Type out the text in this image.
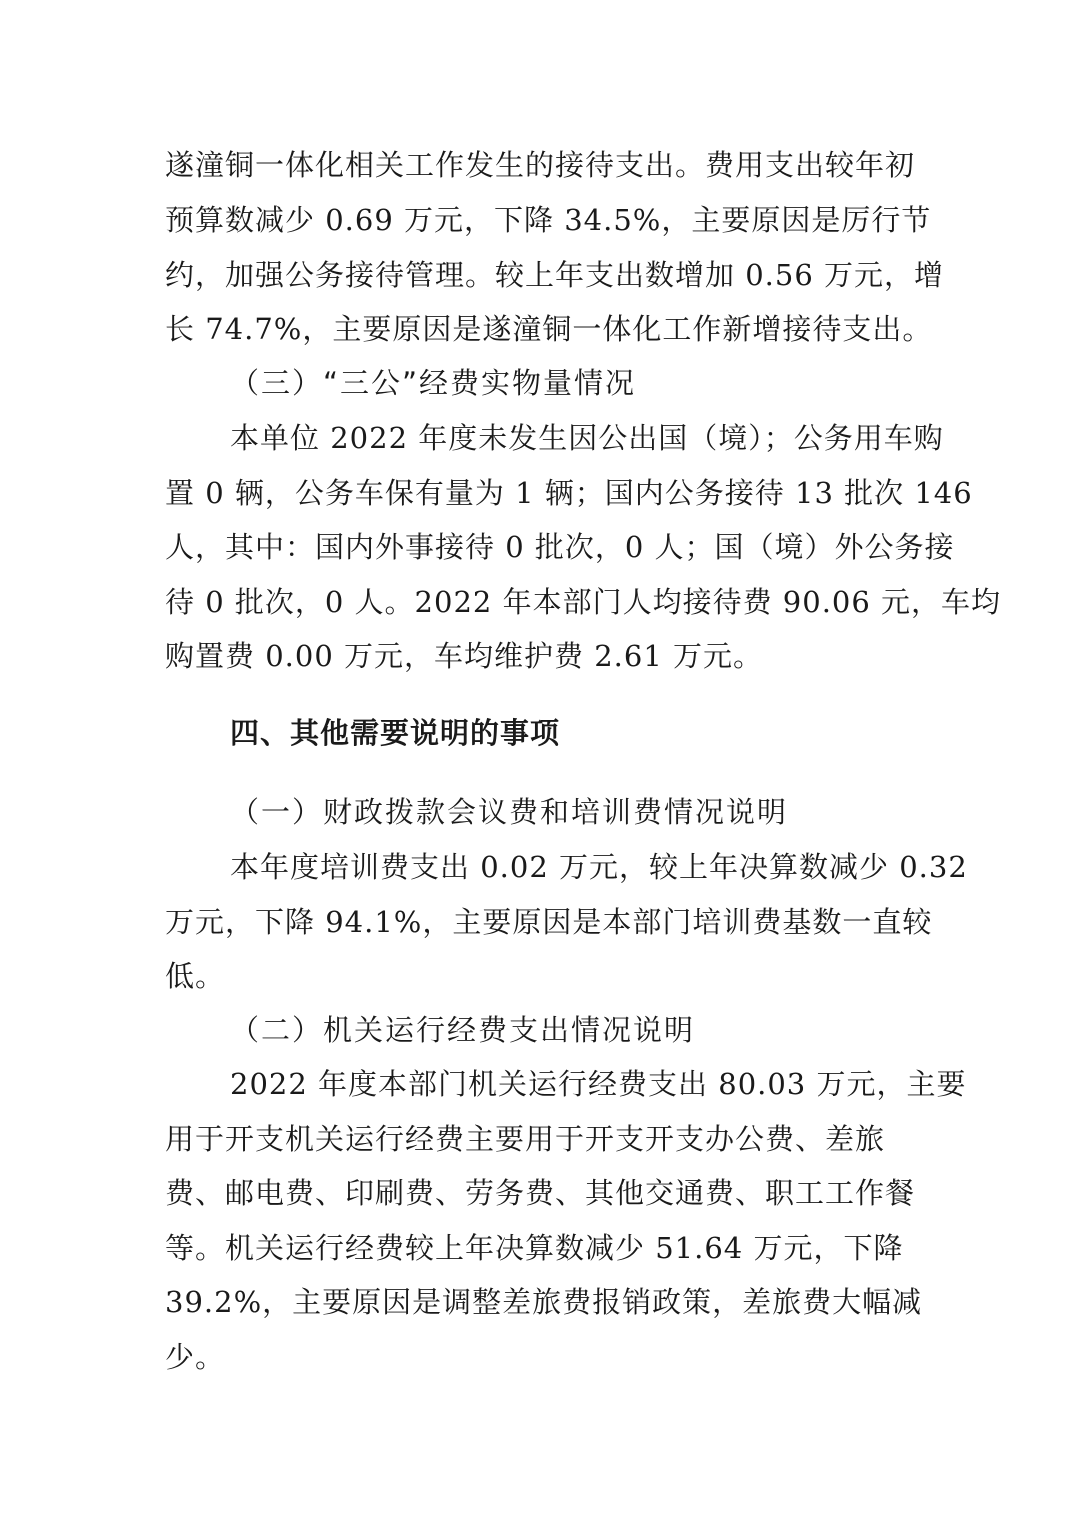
遂潼铜一体化相关工作发生的接待支出。费用支出较年初
预算数减少 0.69 万元，下降 34.5%，主要原因是厉行节
约，加强公务接待管理。较上年支出数增加 0.56 万元，增
长 74.7%，主要原因是遂潼铜一体化工作新增接待支出。
（三）“三公”经费实物量情况
本单位 2022 年度未发生因公出国（境）；公务用车购
置 0 辆，公务车保有量为 1 辆；国内公务接待 13 批次 146
人，其中：国内外事接待 0 批次，0 人；国（境）外公务接
待 0 批次，0 人。2022 年本部门人均接待费 90.06 元，车均
购置费 0.00 万元，车均维护费 2.61 万元。
四、其他需要说明的事项
（一）财政拨款会议费和培训费情况说明
本年度培训费支出 0.02 万元，较上年决算数减少 0.32
万元，下降 94.1%，主要原因是本部门培训费基数一直较
低。
（二）机关运行经费支出情况说明
2022 年度本部门机关运行经费支出 80.03 万元，主要
用于开支机关运行经费主要用于开支开支办公费、差旅
费、邮电费、印刷费、劳务费、其他交通费、职工工作餐
等。机关运行经费较上年决算数减少 51.64 万元，下降
39.2%，主要原因是调整差旅费报销政策，差旅费大幅减
少。
